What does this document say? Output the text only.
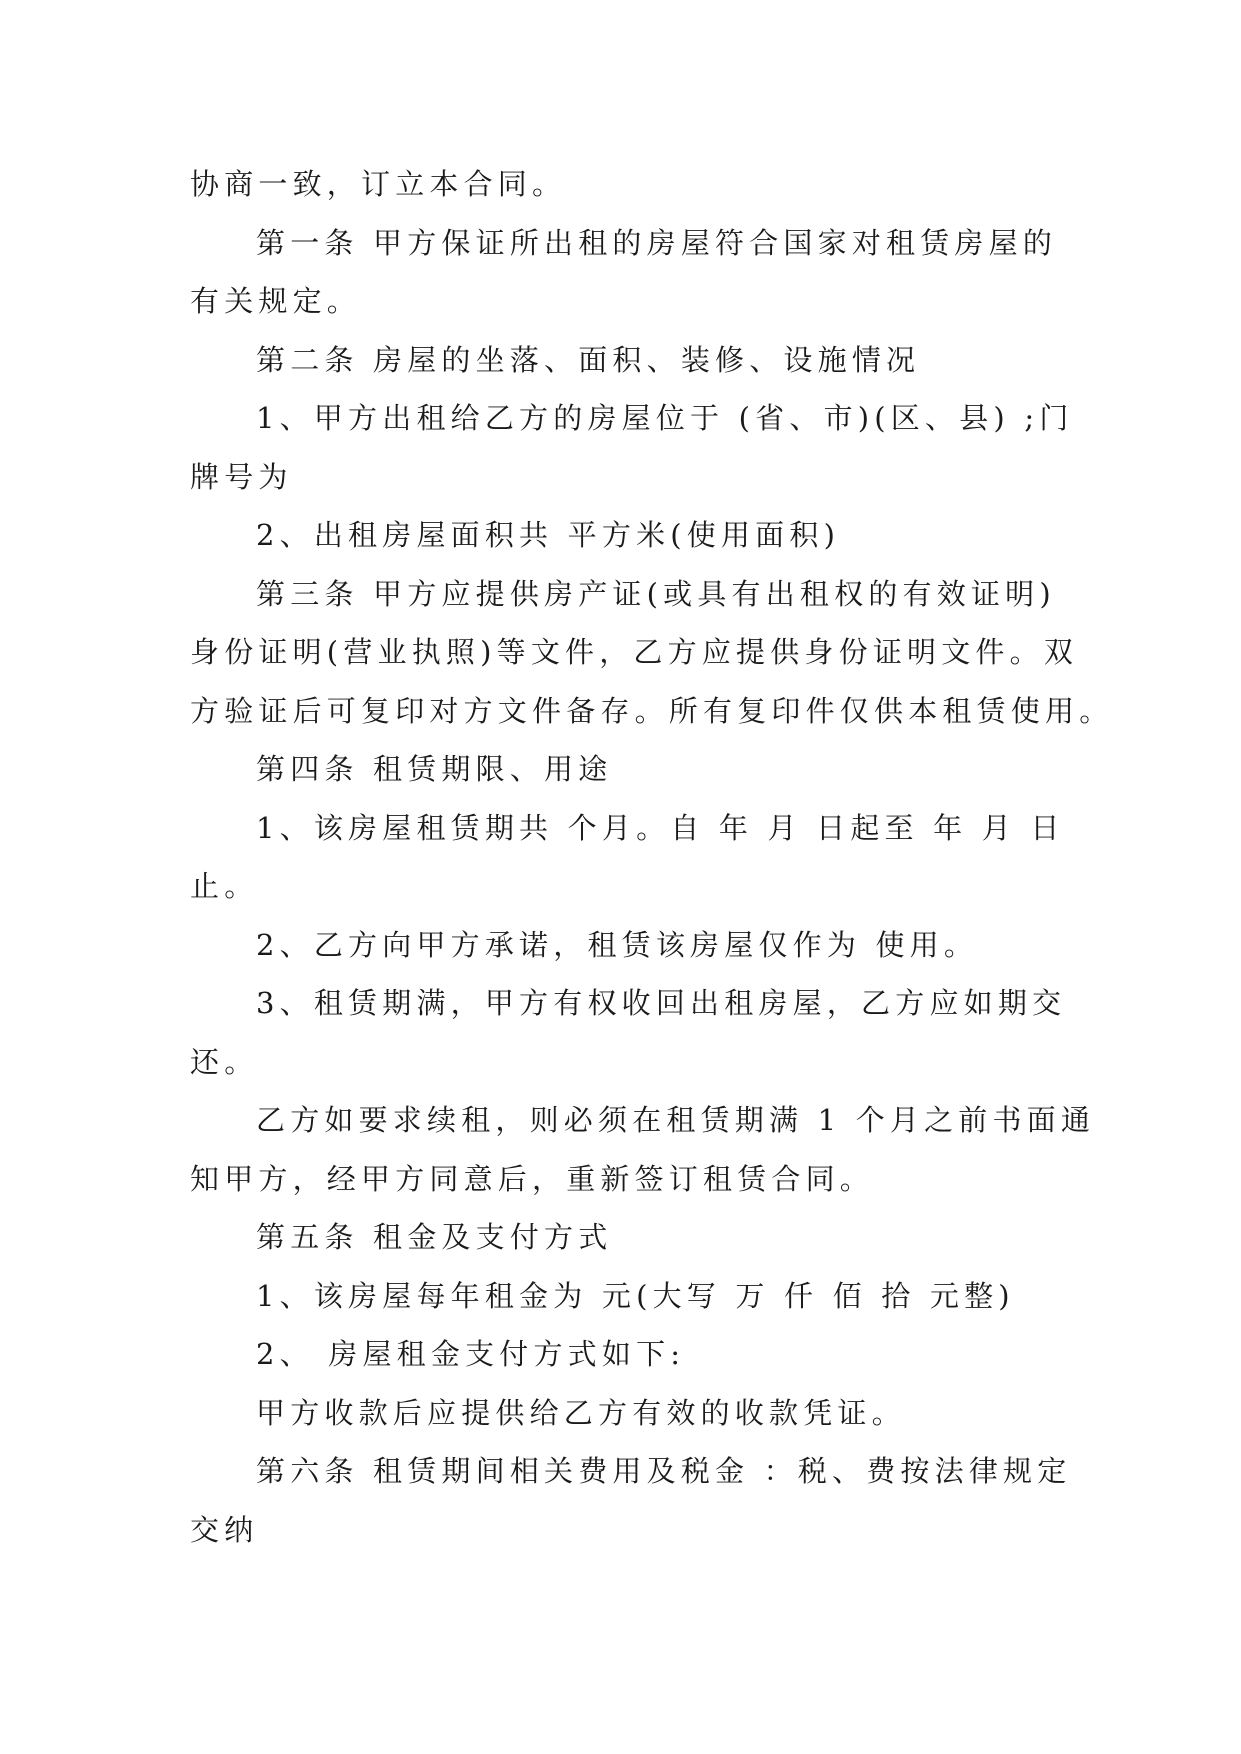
协商一致，订立本合同。
第一条 甲方保证所出租的房屋符合国家对租赁房屋的
有关规定。
第二条 房屋的坐落、面积、装修、设施情况
1、甲方出租给乙方的房屋位于 (省、市)(区、县) ;门
牌号为
2、出租房屋面积共 平方米(使用面积)
第三条 甲方应提供房产证(或具有出租权的有效证明)
身份证明(营业执照)等文件，乙方应提供身份证明文件。双
方验证后可复印对方文件备存。所有复印件仅供本租赁使用。
第四条 租赁期限、用途
1、该房屋租赁期共 个月。自 年 月 日起至 年 月 日
止。
2、乙方向甲方承诺，租赁该房屋仅作为 使用。
3、租赁期满，甲方有权收回出租房屋，乙方应如期交
还。
乙方如要求续租，则必须在租赁期满 1 个月之前书面通
知甲方，经甲方同意后，重新签订租赁合同。
第五条 租金及支付方式
1、该房屋每年租金为 元(大写 万 仟 佰 拾 元整)
2、 房屋租金支付方式如下:
甲方收款后应提供给乙方有效的收款凭证。
第六条 租赁期间相关费用及税金 ：税、费按法律规定
交纳
